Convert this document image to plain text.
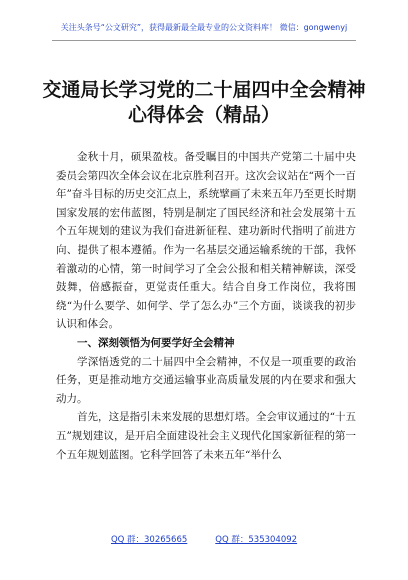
关注头条号“公文研究”，获得最新最全最专业的公文资料库！ 微信：gongwenyj
交通局长学习党的二十届四中全会精神心得体会（精品）

金秋十月，硕果盈枝。备受瞩目的中国共产党第二十届中央委员会第四次全体会议在北京胜利召开。这次会议站在“两个一百年”奋斗目标的历史交汇点上，系统擘画了未来五年乃至更长时期国家发展的宏伟蓝图，特别是制定了国民经济和社会发展第十五个五年规划的建议为我们奋进新征程、建功新时代指明了前进方向、提供了根本遵循。作为一名基层交通运输系统的干部，我怀着激动的心情，第一时间学习了全会公报和相关精神解读，深受鼓舞，倍感振奋，更觉责任重大。结合自身工作岗位，我将围绕“为什么要学、如何学、学了怎么办”三个方面，谈谈我的初步认识和体会。

一、深刻领悟为何要学好全会精神

学深悟透党的二十届四中全会精神，不仅是一项重要的政治任务，更是推动地方交通运输事业高质量发展的内在要求和强大动力。

首先，这是指引未来发展的思想灯塔。全会审议通过的“十五五”规划建议，是开启全面建设社会主义现代化国家新征程的第一个五年规划蓝图。它科学回答了未来五年“举什么

QQ 群：30265665	QQ 群：535304092
